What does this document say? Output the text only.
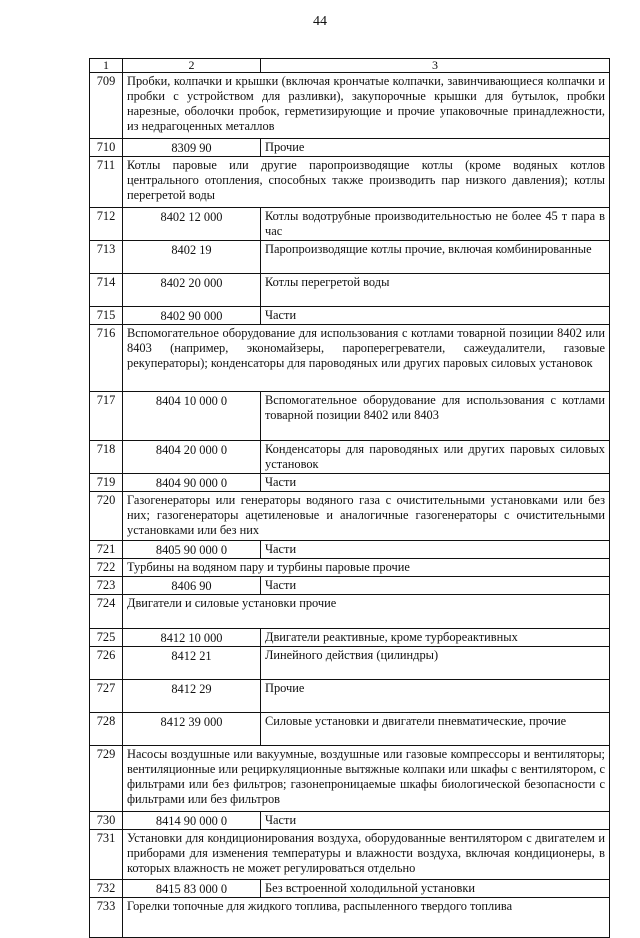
44
1	2	3
709	Пробки, колпачки и крышки (включая крончатые колпачки, завинчивающиеся колпачки и пробки с устройством для разливки), закупорочные крышки для бутылок, пробки нарезные, оболочки пробок, герметизирующие и прочие упаковочные принадлежности, из недрагоценных металлов	
710	8309 90	Прочие
711	Котлы паровые или другие паропроизводящие котлы (кроме водяных котлов центрального отопления, способных также производить пар низкого давления); котлы перегретой воды	
712	8402 12 000	Котлы водотрубные производительностью не более 45 т пара в час
713	8402 19	Паропроизводящие котлы прочие, включая комбинированные
714	8402 20 000	Котлы перегретой воды
715	8402 90 000	Части
716	Вспомогательное оборудование для использования с котлами товарной позиции 8402 или 8403 (например, экономайзеры, пароперегреватели, сажеудалители, газовые рекуператоры); конденсаторы для пароводяных или других паровых силовых установок	
717	8404 10 000 0	Вспомогательное оборудование для использования с котлами товарной позиции 8402 или 8403
718	8404 20 000 0	Конденсаторы для пароводяных или других паровых силовых установок
719	8404 90 000 0	Части
720	Газогенераторы или генераторы водяного газа с очистительными установками или без них; газогенераторы ацетиленовые и аналогичные газогенераторы с очистительными установками или без них	
721	8405 90 000 0	Части
722	Турбины на водяном пару и турбины паровые прочие	
723	8406 90	Части
724	Двигатели и силовые установки прочие	
725	8412 10 000	Двигатели реактивные, кроме турбореактивных
726	8412 21	Линейного действия (цилиндры)
727	8412 29	Прочие
728	8412 39 000	Силовые установки и двигатели пневматические, прочие
729	Насосы воздушные или вакуумные, воздушные или газовые компрессоры и вентиляторы; вентиляционные или рециркуляционные вытяжные колпаки или шкафы с вентилятором, с фильтрами или без фильтров; газонепроницаемые шкафы биологической безопасности с фильтрами или без фильтров	
730	8414 90 000 0	Части
731	Установки для кондиционирования воздуха, оборудованные вентилятором с двигателем и приборами для изменения температуры и влажности воздуха, включая кондиционеры, в которых влажность не может регулироваться отдельно	
732	8415 83 000 0	Без встроенной холодильной установки
733	Горелки топочные для жидкого топлива, распыленного твердого топлива	
